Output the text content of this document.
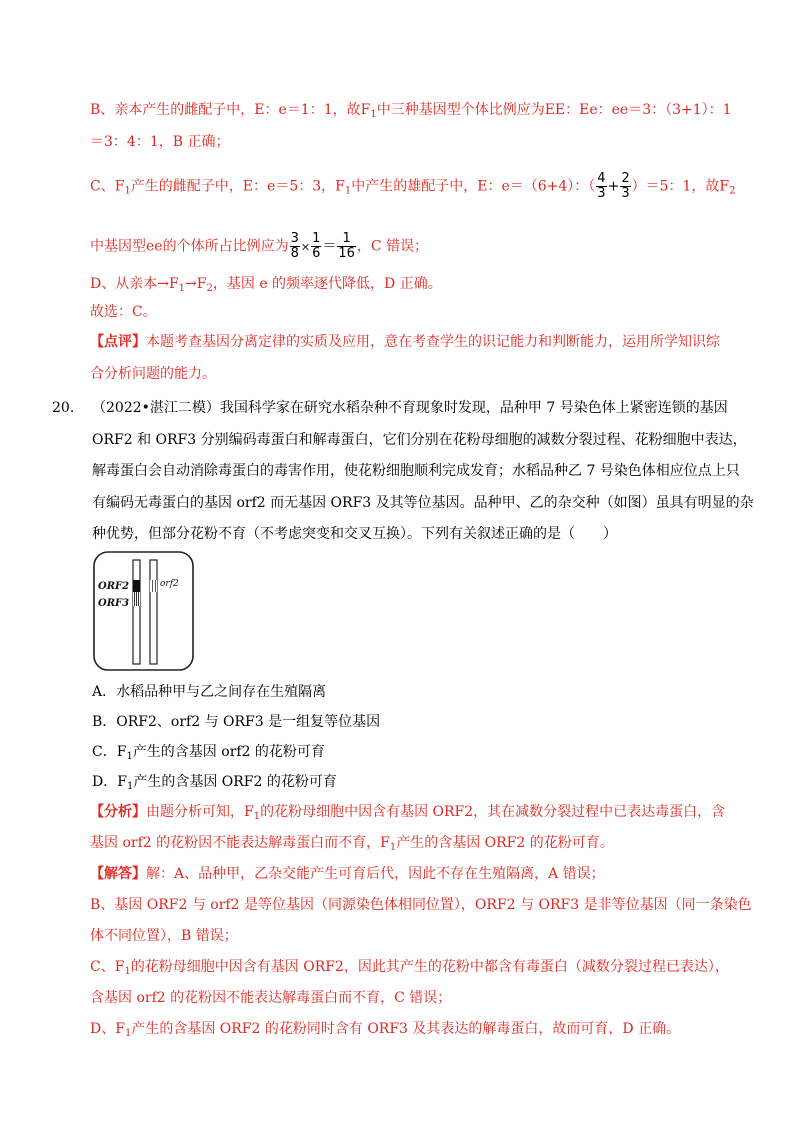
B、亲本产生的雌配子中，E：e＝1：1，故$F_1$中三种基因型个体比例应为EE：Ee：ee＝3：（3+1）：1
＝3：4：1，B 正确；
C、$F_1$产生的雌配子中，E：e＝5：3，$F_1$中产生的雄配子中，E：e＝（6+4）：（ $\frac{4}{3} + \frac{2}{3} )=5$：1，故$F_2$
中基因型ee的个体所占比例应为 $\frac{3}{8} \times \frac{1}{6} = \frac{1}{16}$ ，C 错误；
D、从亲本$\to F_1\to F_2$，基因 e 的频率逐代降低，D 正确。
故选：C。
【点评】本题考查基因分离定律的实质及应用，意在考查学生的识记能力和判断能力，运用所学知识综
合分析问题的能力。
20. （2022•湛江二模）我国科学家在研究水稻杂种不育现象时发现，品种甲 7 号染色体上紧密连锁的基因
ORF2 和 ORF3 分别编码毒蛋白和解毒蛋白，它们分别在花粉母细胞的减数分裂过程、花粉细胞中表达，
解毒蛋白会自动消除毒蛋白的毒害作用，使花粉细胞顺利完成发育；水稻品种乙 7 号染色体相应位点上只
有编码无毒蛋白的基因 orf2 而无基因 ORF3 及其等位基因。品种甲、乙的杂交种（如图）虽具有明显的杂
种优势，但部分花粉不育（不考虑突变和交叉互换）。下列有关叙述正确的是（　　）
ORF2
ORF3
orf2
A．水稻品种甲与乙之间存在生殖隔离
B．ORF2、orf2 与 ORF3 是一组复等位基因
C．$F_1$产生的含基因 orf2 的花粉可育
D．$F_1$产生的含基因 ORF2 的花粉可育
【分析】由题分析可知，$F_1$的花粉母细胞中因含有基因 ORF2，其在减数分裂过程中已表达毒蛋白，含
基因 orf2 的花粉因不能表达解毒蛋白而不育，$F_1$产生的含基因 ORF2 的花粉可育。
【解答】解：A、品种甲，乙杂交能产生可育后代，因此不存在生殖隔离，A 错误；
B、基因 ORF2 与 orf2 是等位基因（同源染色体相同位置），ORF2 与 ORF3 是非等位基因（同一条染色
体不同位置），B 错误；
C、$F_1$的花粉母细胞中因含有基因 ORF2，因此其产生的花粉中都含有毒蛋白（减数分裂过程已表达），
含基因 orf2 的花粉因不能表达解毒蛋白而不育，C 错误；
D、$F_1$产生的含基因 ORF2 的花粉同时含有 ORF3 及其表达的解毒蛋白，故而可育，D 正确。
